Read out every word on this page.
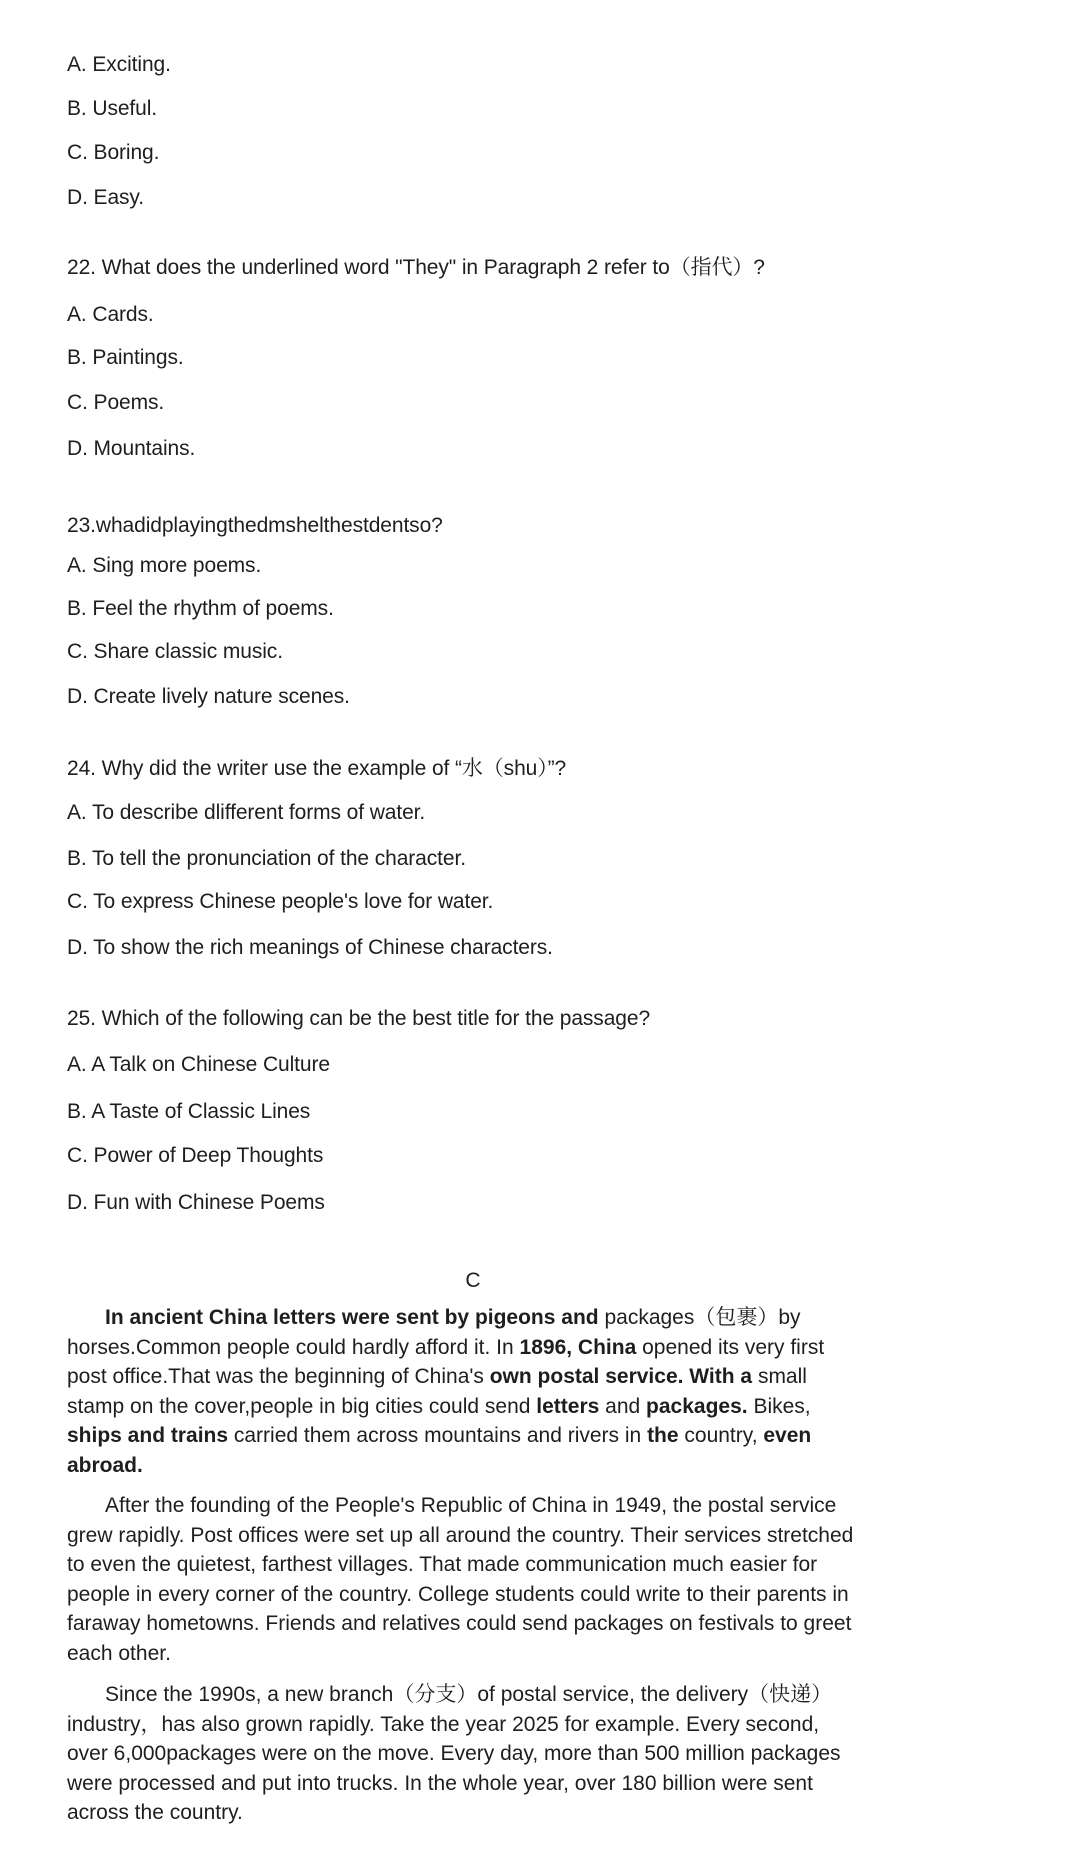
A. Exciting.
B. Useful.
C. Boring.
D. Easy.
22. What does the underlined word "They" in Paragraph 2 refer to（指代）?
A. Cards.
B. Paintings.
C. Poems.
D. Mountains.
23.whadidplayingthedmshelthestdentso?
A. Sing more poems.
B. Feel the rhythm of poems.
C. Share classic music.
D. Create lively nature scenes.
24. Why did the writer use the example of “水（shu）”?
A. To describe dlifferent forms of water.
B. To tell the pronunciation of the character.
C. To express Chinese people's love for water.
D. To show the rich meanings of Chinese characters.
25. Which of the following can be the best title for the passage?
A. A Talk on Chinese Culture
B. A Taste of Classic Lines
C. Power of Deep Thoughts
D. Fun with Chinese Poems
C

In ancient China letters were sent by pigeons and packages（包裹）by horses.Common people could hardly afford it. In 1896, China opened its very first post office.That was the beginning of China's own postal service. With a small stamp on the cover,people in big cities could send letters and packages. Bikes, ships and trains carried them across mountains and rivers in the country, even abroad.

After the founding of the People's Republic of China in 1949, the postal service grew rapidly. Post offices were set up all around the country. Their services stretched to even the quietest, farthest villages. That made communication much easier for people in every corner of the country. College students could write to their parents in faraway hometowns. Friends and relatives could send packages on festivals to greet each other.

Since the 1990s, a new branch（分支）of postal service, the delivery（快递）industry，has also grown rapidly. Take the year 2025 for example. Every second, over 6,000packages were on the move. Every day, more than 500 million packages were processed and put into trucks. In the whole year, over 180 billion were sent across the country.
